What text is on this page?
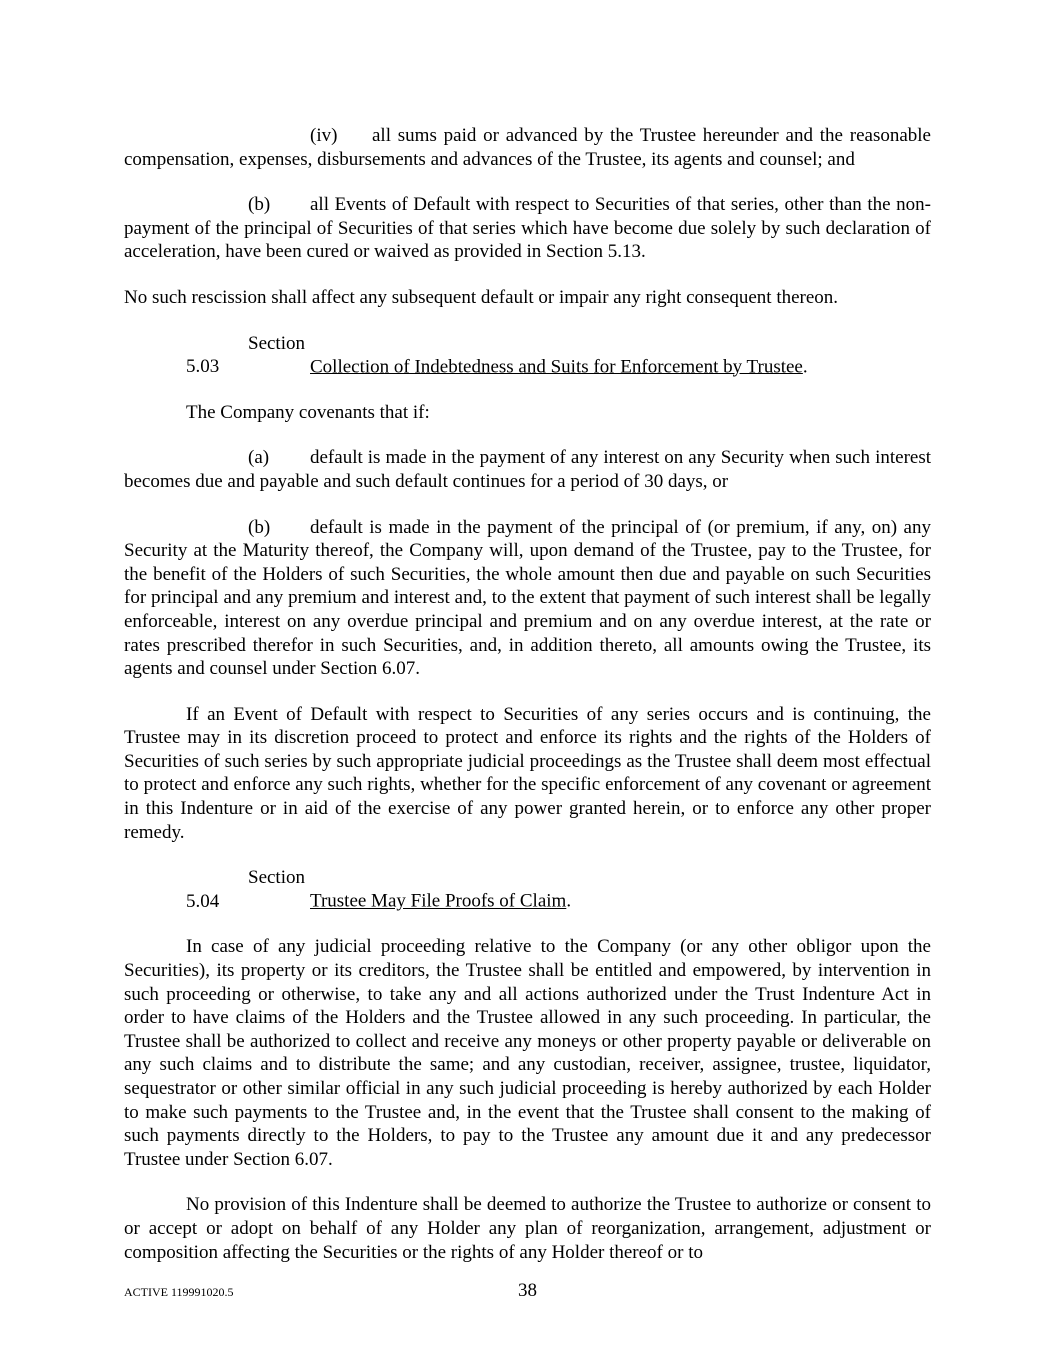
(iv) all sums paid or advanced by the Trustee hereunder and the reasonable compensation, expenses, disbursements and advances of the Trustee, its agents and counsel; and

(b) all Events of Default with respect to Securities of that series, other than the non-payment of the principal of Securities of that series which have become due solely by such declaration of acceleration, have been cured or waived as provided in Section 5.13.

No such rescission shall affect any subsequent default or impair any right consequent thereon.

Section 5.03	Collection of Indebtedness and Suits for Enforcement by Trustee.

The Company covenants that if:

(a) default is made in the payment of any interest on any Security when such interest becomes due and payable and such default continues for a period of 30 days, or

(b) default is made in the payment of the principal of (or premium, if any, on) any Security at the Maturity thereof, the Company will, upon demand of the Trustee, pay to the Trustee, for the benefit of the Holders of such Securities, the whole amount then due and payable on such Securities for principal and any premium and interest and, to the extent that payment of such interest shall be legally enforceable, interest on any overdue principal and premium and on any overdue interest, at the rate or rates prescribed therefor in such Securities, and, in addition thereto, all amounts owing the Trustee, its agents and counsel under Section 6.07.

If an Event of Default with respect to Securities of any series occurs and is continuing, the Trustee may in its discretion proceed to protect and enforce its rights and the rights of the Holders of Securities of such series by such appropriate judicial proceedings as the Trustee shall deem most effectual to protect and enforce any such rights, whether for the specific enforcement of any covenant or agreement in this Indenture or in aid of the exercise of any power granted herein, or to enforce any other proper remedy.

Section 5.04	Trustee May File Proofs of Claim.

In case of any judicial proceeding relative to the Company (or any other obligor upon the Securities), its property or its creditors, the Trustee shall be entitled and empowered, by intervention in such proceeding or otherwise, to take any and all actions authorized under the Trust Indenture Act in order to have claims of the Holders and the Trustee allowed in any such proceeding. In particular, the Trustee shall be authorized to collect and receive any moneys or other property payable or deliverable on any such claims and to distribute the same; and any custodian, receiver, assignee, trustee, liquidator, sequestrator or other similar official in any such judicial proceeding is hereby authorized by each Holder to make such payments to the Trustee and, in the event that the Trustee shall consent to the making of such payments directly to the Holders, to pay to the Trustee any amount due it and any predecessor Trustee under Section 6.07.

No provision of this Indenture shall be deemed to authorize the Trustee to authorize or consent to or accept or adopt on behalf of any Holder any plan of reorganization, arrangement, adjustment or composition affecting the Securities or the rights of any Holder thereof or to

ACTIVE 119991020.5	38
